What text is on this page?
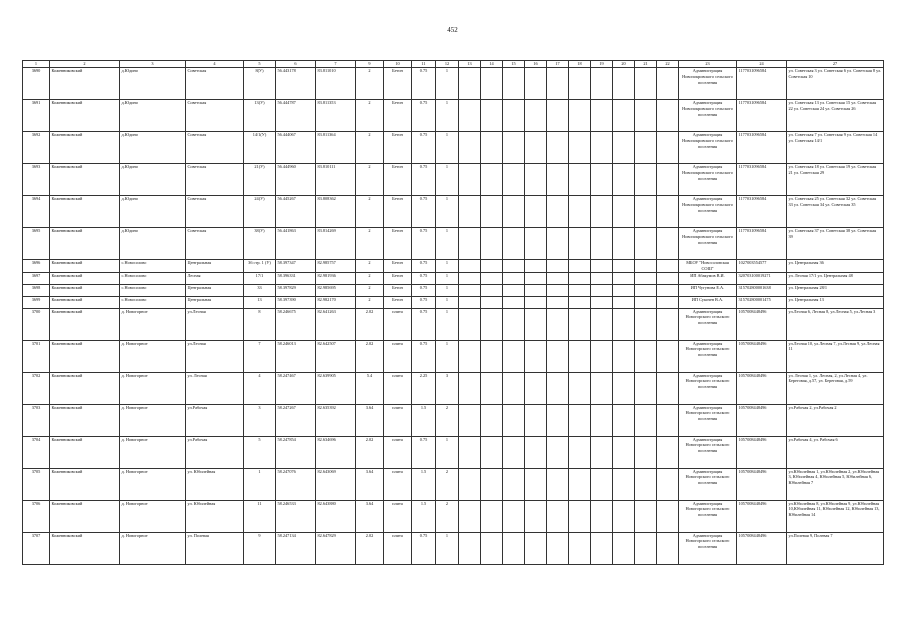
452
1	2	3	4	5	6	7	9	10	11	12	13	14	15	16	17	18	19	20	21	22	23	24	27
3690	Кожевниковский	д.Юдино	Советская	8(У)	56.443178	83.811010	2	Бетон	0.75	1											Администрация Новопокровского сельского поселения	1177031096584	ул. Советская 3 ул. Советская 6 ул. Советская 8 ул. Советская 10
3691	Кожевниковский	д.Юдино	Советская	13(У)	56.444787	83.811353	2	Бетон	0.75	1											Администрация Новопокровского сельского поселения	1177031096584	ул. Советская 13 ул. Советская 15 ул. Советская 22 ул. Советская 24 ул. Советская 26
3692	Кожевниковский	д.Юдино	Советская	14/1(У)	56.444067	83.811364	2	Бетон	0.75	1											Администрация Новопокровского сельского поселения	1177031096584	ул. Советская 7 ул. Советская 9 ул. Советская 14 ул. Советская 14/1
3693	Кожевниковский	д.Юдино	Советская	21(У)	56.444960	83.810111	2	Бетон	0.75	1											Администрация Новопокровского сельского поселения	1177031096584	ул. Советская 18 ул. Советская 19 ул. Советская 21 ул. Советская 29
3694	Кожевниковский	д.Юдино	Советская	24(У)	56.445267	83.808362	2	Бетон	0.75	1											Администрация Новопокровского сельского поселения	1177031096584	ул. Советская 25 ул. Советская 32 ул. Советская 33 ул. Советская 34 ул. Советская 35
3695	Кожевниковский	д.Юдино	Советская	38(У)	56.441863	83.814269	2	Бетон	0.75	1											Администрация Новопокровского сельского поселения	1177031096584	ул. Советская 37 ул. Советская 38 ул. Советская 39
3696	Кожевниковский	с.Новосолово	Центральная	36 стр. 1 (У)	58.397347	82.985757	2	Бетон	0.75	1											МБОУ "Новосоловская СОШ"	1027003554577	ул. Центральная 36
3697	Кожевниковский	с.Новосолово	Лесная	17/1	58.396331	82.981936	2	Бетон	0.75	1											ИП Абакумов В.И.	320703100019271	ул. Лесная 17/1 ул. Центральная 48
3698	Кожевниковский	с.Новосолово	Центральная	33	58.397829	82.985695	2	Бетон	0.75	1											ИП Чугунова Е.А.	315702800001638	ул. Центральная 28/1
3699	Кожевниковский	с.Новосолово	Центральная	13	58.397390	82.982170	2	Бетон	0.75	1											ИП Сукочев В.А.	315702800001475	ул. Центральная 13
3700	Кожевниковский	д. Новогорное	ул.Лесная	8	58.246675	82.641263	2.02	плита	0.75	1											Администрация Новогорского сельского поселения	1057008448496	ул.Лесная 6, Лесная 8, ул.Лесная 5, ул.Лесная 3
3701	Кожевниковский	д. Новогорное	ул.Лесная	7	58.246013	82.642507	2.02	плита	0.75	1											Администрация Новогорского сельского поселения	1057008448496	ул.Лесная 10, ул.Лесная 7, ул.Лесная 9, ул.Лесная 11
3702	Кожевниковский	д. Новогорное	ул. Лесная	4	58.247467	82.639905	5.4	плита	2.25	3											Администрация Новогорского сельского поселения	1057008448496	ул. Лесная 1, ул. Лесная, 2, ул.Лесная 4, ул. Береговая, д.57, ул. Береговая, д.59
3703	Кожевниковский	д. Новогорное	ул.Рабочая	3	58.247267	82.635392	3.64	плита	1.5	2											Администрация Новогорского сельского поселения	1057008448496	ул.Рабочая 2, ул.Рабочая 2
3704	Кожевниковский	д. Новогорное	ул.Рабочая	5	58.247854	82.634696	2.02	плита	0.75	1											Администрация Новогорского сельского поселения	1057008448496	ул.Рабочая 4, ул. Рабочая 6
3705	Кожевниковский	д. Новогорное	ул. Юбилейная	1	58.247076	82.643069	3.64	плита	1.5	2											Администрация Новогорского сельского поселения	1057008448496	ул.Юбилейная 1, ул.Юбилейная 2, ул.Юбилейная 3, Юбилейная 4, Юбилейная 5, Юбилейная 6, Юбилейная 7
3706	Кожевниковский	д. Новогорное	ул. Юбилейная	11	58.246533	82.643880	3.64	плита	1.5	2											Администрация Новогорского сельского поселения	1057008448496	ул.Юбилейная 8, ул.Юбилейная 9, ул.Юбилейная 10,Юбилейная 11, Юбилейная 12, Юбилейная 13, Юбилейная 14
3707	Кожевниковский	д. Новогорное	ул. Полевая	9	58.247134	82.647829	2.02	плита	0.75	1											Администрация Новогорского сельского поселения	1057008448496	ул.Полевая 9, Полевая 7
